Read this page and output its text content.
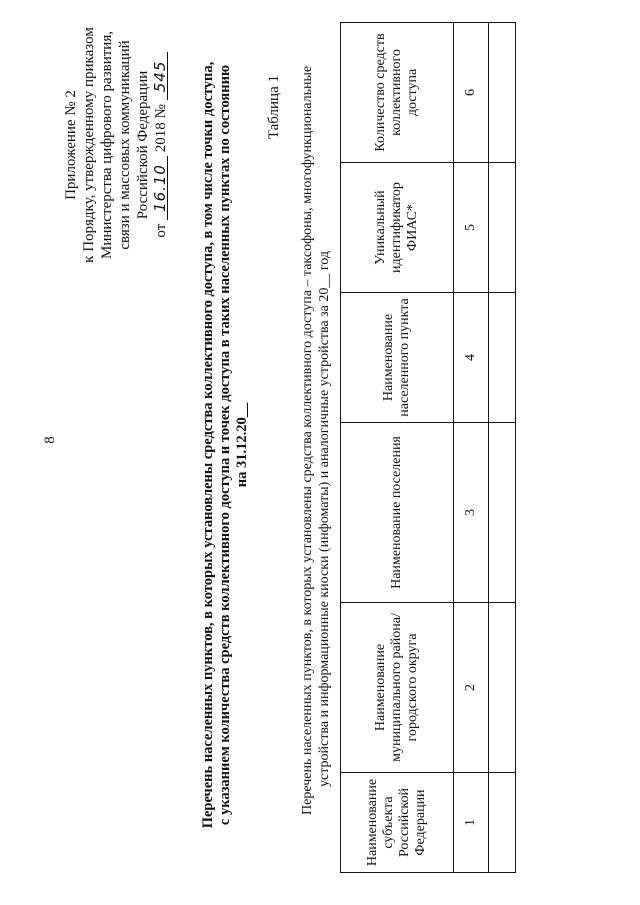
8
Приложение № 2 к Порядку, утвержденному приказом Министерства цифрового развития, связи и массовых коммуникаций Российской Федерации
от 16.10 2018 № 545	Таблица 1
Перечень населенных пунктов, в которых установлены средства коллективного доступа, в том числе точки доступа, с указанием количества средств коллективного доступа и точек доступа в таких населенных пунктах по состоянию на 31.12.20__	Перечень населенных пунктов, в которых установлены средства коллективного доступа – таксофоны, многофункциональные устройства и информационные киоски (инфоматы) и аналогичные устройства за 20__ год
Наименование субъекта Российской Федерации	Наименование муниципального района/городского округа	Наименование поселения	Наименование населенного пункта	Уникальный идентификатор ФИАС*	Количество средств коллективного доступа
1	2	3	4	5	6
